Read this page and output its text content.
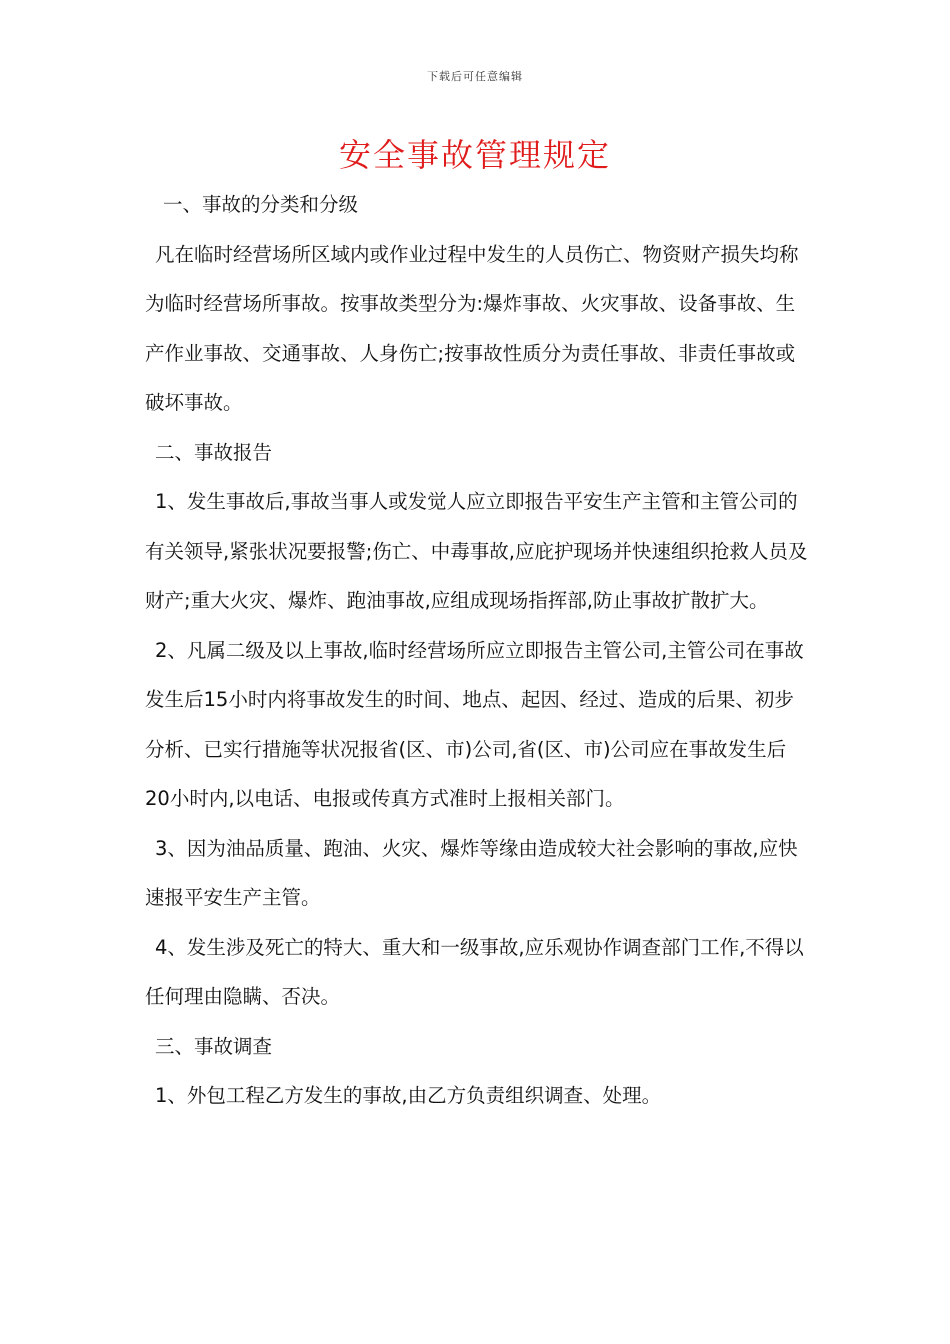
下载后可任意编辑
安全事故管理规定

一、事故的分类和分级

凡在临时经营场所区域内或作业过程中发生的人员伤亡、物资财产损失均称为临时经营场所事故。按事故类型分为:爆炸事故、火灾事故、设备事故、生产作业事故、交通事故、人身伤亡;按事故性质分为责任事故、非责任事故或破坏事故。

二、事故报告

1、发生事故后,事故当事人或发觉人应立即报告平安生产主管和主管公司的有关领导,紧张状况要报警;伤亡、中毒事故,应庇护现场并快速组织抢救人员及财产;重大火灾、爆炸、跑油事故,应组成现场指挥部,防止事故扩散扩大。

2、凡属二级及以上事故,临时经营场所应立即报告主管公司,主管公司在事故发生后15小时内将事故发生的时间、地点、起因、经过、造成的后果、初步分析、已实行措施等状况报省(区、市)公司,省(区、市)公司应在事故发生后20小时内,以电话、电报或传真方式准时上报相关部门。

3、因为油品质量、跑油、火灾、爆炸等缘由造成较大社会影响的事故,应快速报平安生产主管。

4、发生涉及死亡的特大、重大和一级事故,应乐观协作调查部门工作,不得以任何理由隐瞒、否决。

三、事故调查

1、外包工程乙方发生的事故,由乙方负责组织调查、处理。
